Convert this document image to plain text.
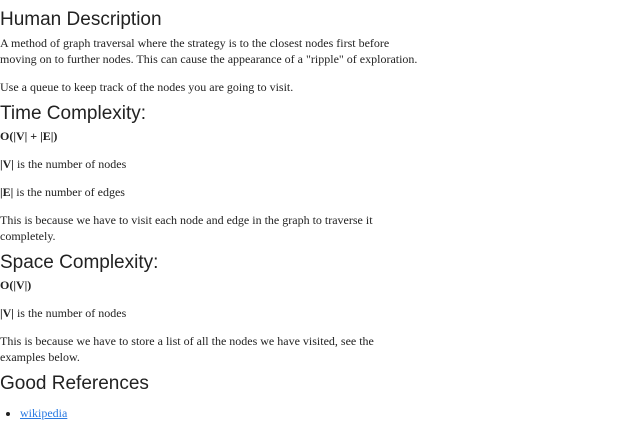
Human Description

A method of graph traversal where the strategy is to the closest nodes first before moving on to further nodes. This can cause the appearance of a "ripple" of exploration.

Use a queue to keep track of the nodes you are going to visit.

Time Complexity:

O(|V| + |E|)

|V| is the number of nodes

|E| is the number of edges

This is because we have to visit each node and edge in the graph to traverse it completely.

Space Complexity:

O(|V|)

|V| is the number of nodes

This is because we have to store a list of all the nodes we have visited, see the examples below.

Good References
• wikipedia
